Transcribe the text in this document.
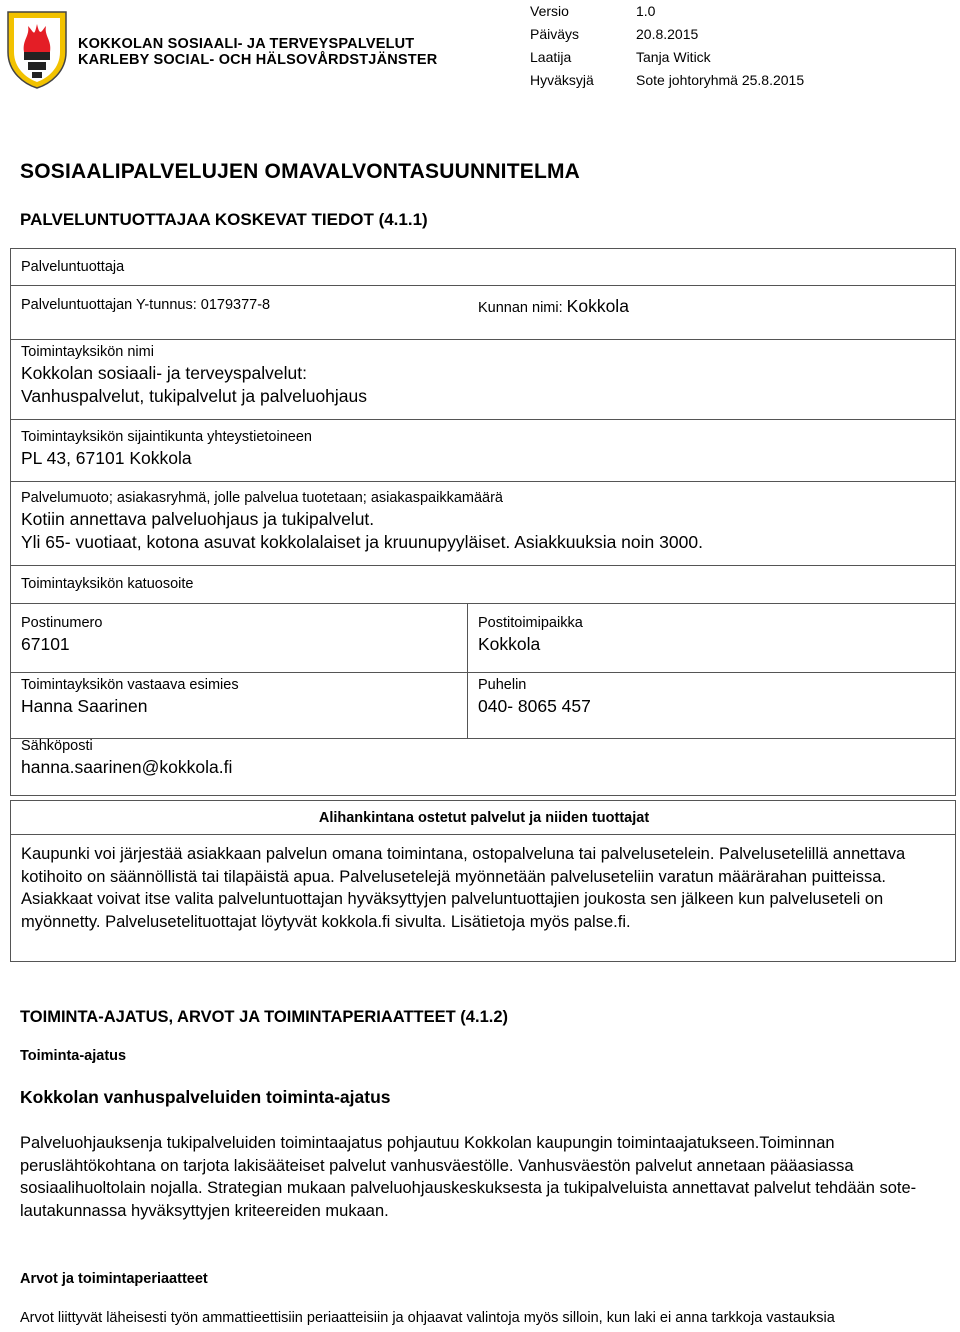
KOKKOLAN SOSIAALI- JA TERVEYSPALVELUT
KARLEBY SOCIAL- OCH HÄLSOVÅRDSTJÄNSTER
Versio	1.0
Päiväys	20.8.2015
Laatija	Tanja Witick
Hyväksyjä	Sote johtoryhmä 25.8.2015
SOSIAALIPALVELUJEN OMAVALVONTASUUNNITELMA
PALVELUNTUOTTAJAA KOSKEVAT TIEDOT (4.1.1)
Palveluntuottaja
Palveluntuottajan Y-tunnus: 0179377-8	Kunnan nimi: Kokkola
Toimintayksikön nimi
Kokkolan sosiaali- ja terveyspalvelut:
Vanhuspalvelut, tukipalvelut ja palveluohjaus
Toimintayksikön sijaintikunta yhteystietoineen
PL 43, 67101 Kokkola
Palvelumuoto; asiakasryhmä, jolle palvelua tuotetaan; asiakaspaikkamäärä
Kotiin annettava palveluohjaus ja tukipalvelut.
Yli 65- vuotiaat, kotona asuvat kokkolalaiset ja kruunupyyläiset. Asiakkuuksia noin 3000.
Toimintayksikön katuosoite
Postinumero
67101
Postitoimipaikka
Kokkola
Toimintayksikön vastaava esimies
Hanna Saarinen
Puhelin
040- 8065 457
Sähköposti
hanna.saarinen@kokkola.fi
Alihankintana ostetut palvelut ja niiden tuottajat
Kaupunki voi järjestää asiakkaan palvelun omana toimintana, ostopalveluna tai palvelusetelein. Palvelusetelillä annettava kotihoito on säännöllistä tai tilapäistä apua. Palvelusetelejä myönnetään palveluseteliin varatun määrärahan puitteissa. Asiakkaat voivat itse valita palveluntuottajan hyväksyttyjen palveluntuottajien joukosta sen jälkeen kun palveluseteli on myönnetty. Palvelusetelituottajat löytyvät kokkola.fi sivulta. Lisätietoja myös palse.fi.
TOIMINTA-AJATUS, ARVOT JA TOIMINTAPERIAATTEET (4.1.2)
Toiminta-ajatus
Kokkolan vanhuspalveluiden toiminta-ajatus
Palveluohjauksenja tukipalveluiden toimintaajatus pohjautuu Kokkolan kaupungin toimintaajatukseen.Toiminnan peruslähtökohtana on tarjota lakisääteiset palvelut vanhusväestölle. Vanhusväestön palvelut annetaan pääasiassa sosiaalihuoltolain nojalla. Strategian mukaan palveluohjauskeskuksesta ja tukipalveluista annettavat palvelut tehdään sote-lautakunnassa hyväksyttyjen kriteereiden mukaan.
Arvot ja toimintaperiaatteet
Arvot liittyvät läheisesti työn ammattieettisiin periaatteisiin ja ohjaavat valintoja myös silloin, kun laki ei anna tarkkoja vastauksia
